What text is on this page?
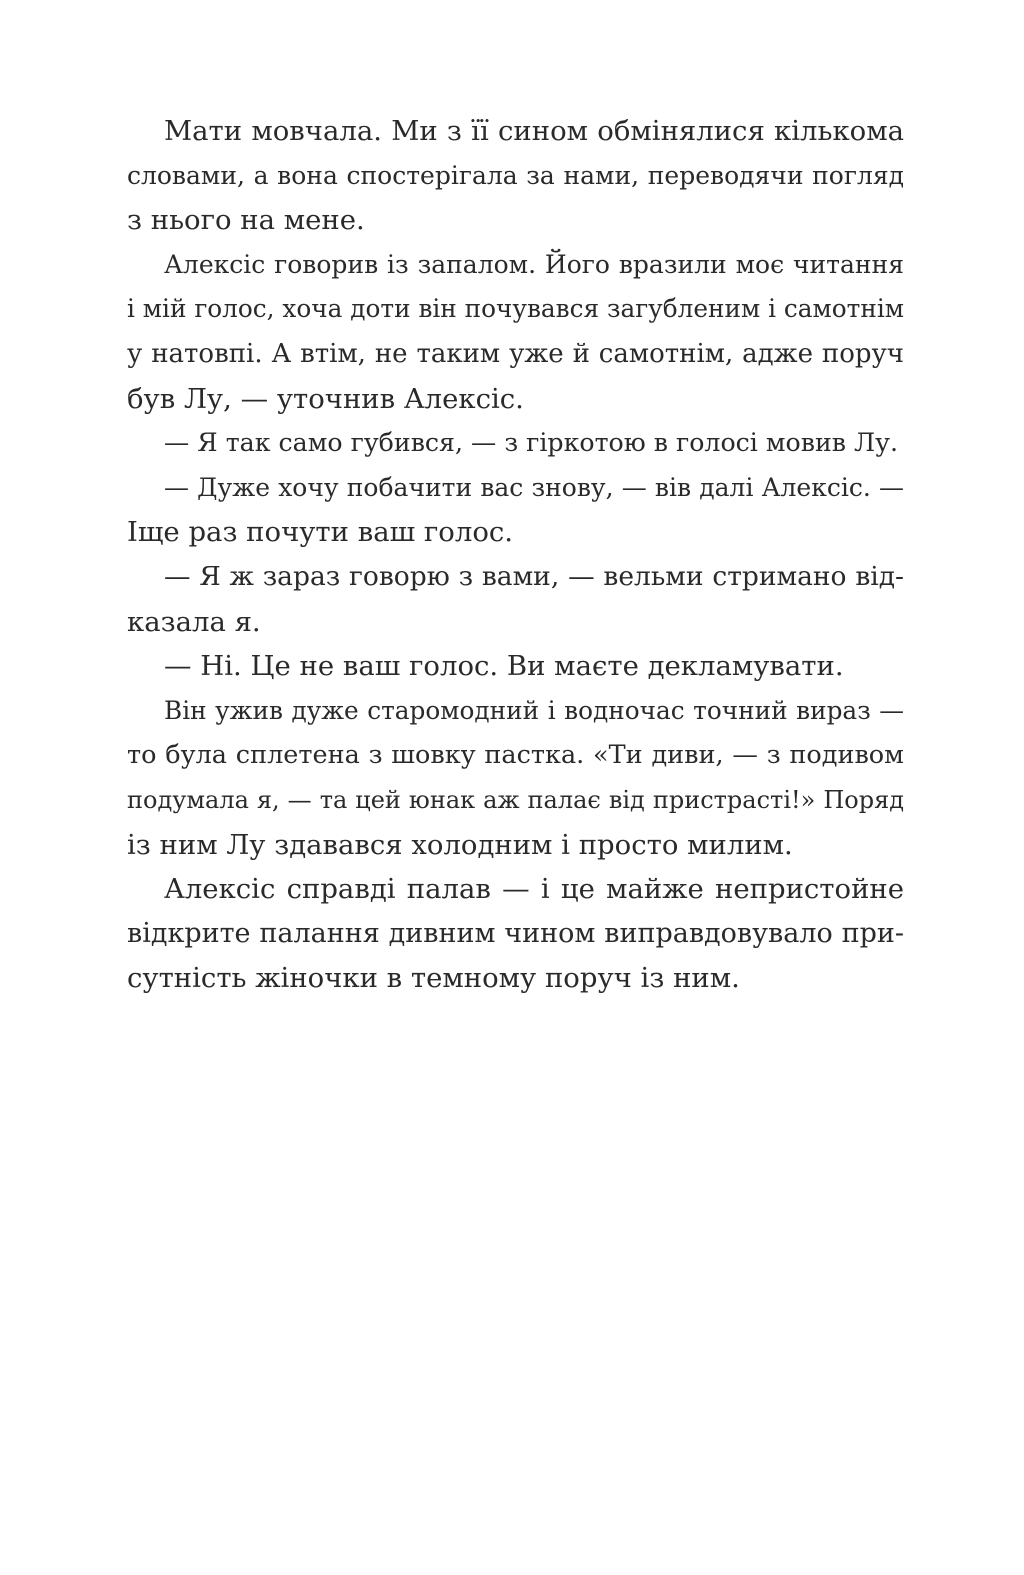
Мати мовчала. Ми з її сином обмінялися кількома
словами, а вона спостерігала за нами, переводячи погляд
з нього на мене.
Алексіс говорив із запалом. Його вразили моє читання
і мій голос, хоча доти він почувався загубленим і самотнім
у натовпі. А втім, не таким уже й самотнім, адже поруч
був Лу, — уточнив Алексіс.
— Я так само губився, — з гіркотою в голосі мовив Лу.
— Дуже хочу побачити вас знову, — вів далі Алексіс. —
Іще раз почути ваш голос.
— Я ж зараз говорю з вами, — вельми стримано від-
казала я.
— Ні. Це не ваш голос. Ви маєте декламувати.
Він ужив дуже старомодний і водночас точний вираз —
то була сплетена з шовку пастка. «Ти диви, — з подивом
подумала я, — та цей юнак аж палає від пристрасті!» Поряд
із ним Лу здавався холодним і просто милим.
Алексіс справді палав — і це майже непристойне
відкрите палання дивним чином виправдовувало при-
сутність жіночки в темному поруч із ним.
